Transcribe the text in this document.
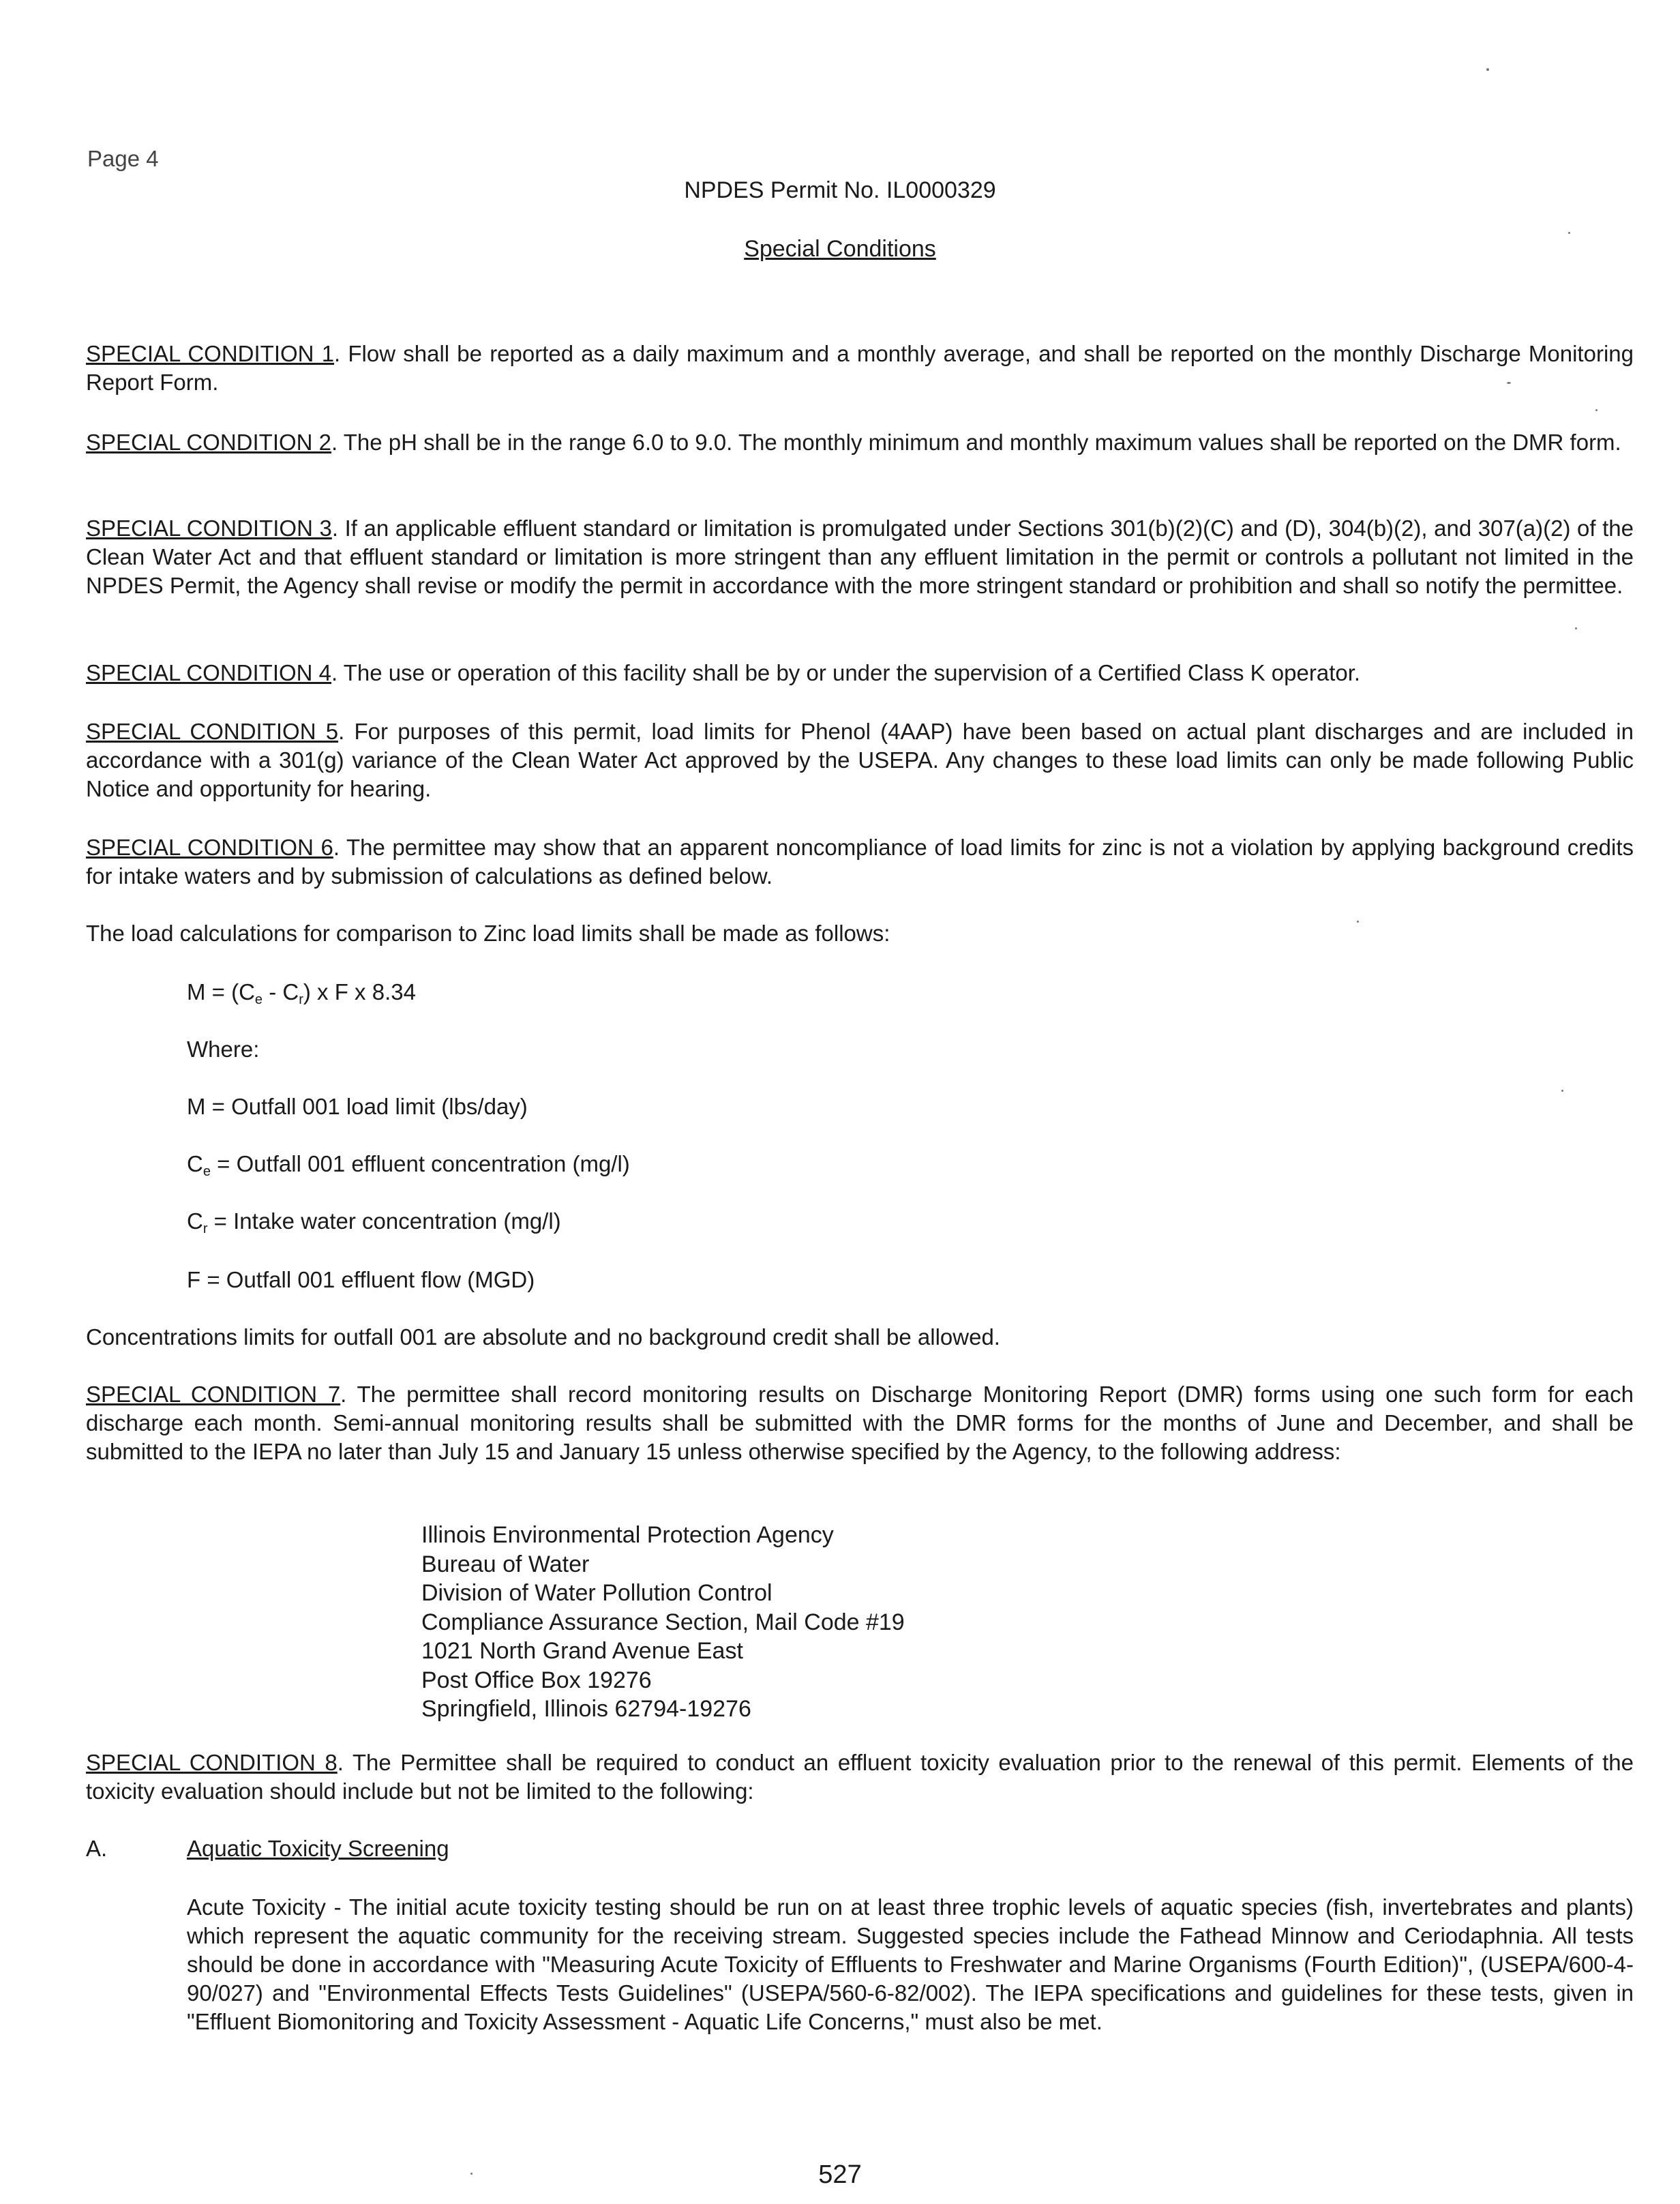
Page 4
NPDES Permit No. IL0000329
Special Conditions
SPECIAL CONDITION 1. Flow shall be reported as a daily maximum and a monthly average, and shall be reported on the monthly Discharge Monitoring Report Form.
SPECIAL CONDITION 2. The pH shall be in the range 6.0 to 9.0. The monthly minimum and monthly maximum values shall be reported on the DMR form.
SPECIAL CONDITION 3. If an applicable effluent standard or limitation is promulgated under Sections 301(b)(2)(C) and (D), 304(b)(2), and 307(a)(2) of the Clean Water Act and that effluent standard or limitation is more stringent than any effluent limitation in the permit or controls a pollutant not limited in the NPDES Permit, the Agency shall revise or modify the permit in accordance with the more stringent standard or prohibition and shall so notify the permittee.
SPECIAL CONDITION 4. The use or operation of this facility shall be by or under the supervision of a Certified Class K operator.
SPECIAL CONDITION 5. For purposes of this permit, load limits for Phenol (4AAP) have been based on actual plant discharges and are included in accordance with a 301(g) variance of the Clean Water Act approved by the USEPA. Any changes to these load limits can only be made following Public Notice and opportunity for hearing.
SPECIAL CONDITION 6. The permittee may show that an apparent noncompliance of load limits for zinc is not a violation by applying background credits for intake waters and by submission of calculations as defined below.
The load calculations for comparison to Zinc load limits shall be made as follows:
$M = (C_e - C_r)$ x F x 8.34
Where:
M = Outfall 001 load limit (lbs/day)
$C_e$ = Outfall 001 effluent concentration (mg/l)
$C_r$ = Intake water concentration (mg/l)
F = Outfall 001 effluent flow (MGD)
Concentrations limits for outfall 001 are absolute and no background credit shall be allowed.
SPECIAL CONDITION 7. The permittee shall record monitoring results on Discharge Monitoring Report (DMR) forms using one such form for each discharge each month. Semi-annual monitoring results shall be submitted with the DMR forms for the months of June and December, and shall be submitted to the IEPA no later than July 15 and January 15 unless otherwise specified by the Agency, to the following address:
Illinois Environmental Protection Agency
Bureau of Water
Division of Water Pollution Control
Compliance Assurance Section, Mail Code #19
1021 North Grand Avenue East
Post Office Box 19276
Springfield, Illinois 62794-19276
SPECIAL CONDITION 8. The Permittee shall be required to conduct an effluent toxicity evaluation prior to the renewal of this permit. Elements of the toxicity evaluation should include but not be limited to the following:
A.	Aquatic Toxicity Screening
Acute Toxicity - The initial acute toxicity testing should be run on at least three trophic levels of aquatic species (fish, invertebrates and plants) which represent the aquatic community for the receiving stream. Suggested species include the Fathead Minnow and Ceriodaphnia. All tests should be done in accordance with "Measuring Acute Toxicity of Effluents to Freshwater and Marine Organisms (Fourth Edition)", (USEPA/600-4-90/027) and "Environmental Effects Tests Guidelines" (USEPA/560-6-82/002). The IEPA specifications and guidelines for these tests, given in "Effluent Biomonitoring and Toxicity Assessment - Aquatic Life Concerns," must also be met.
527
